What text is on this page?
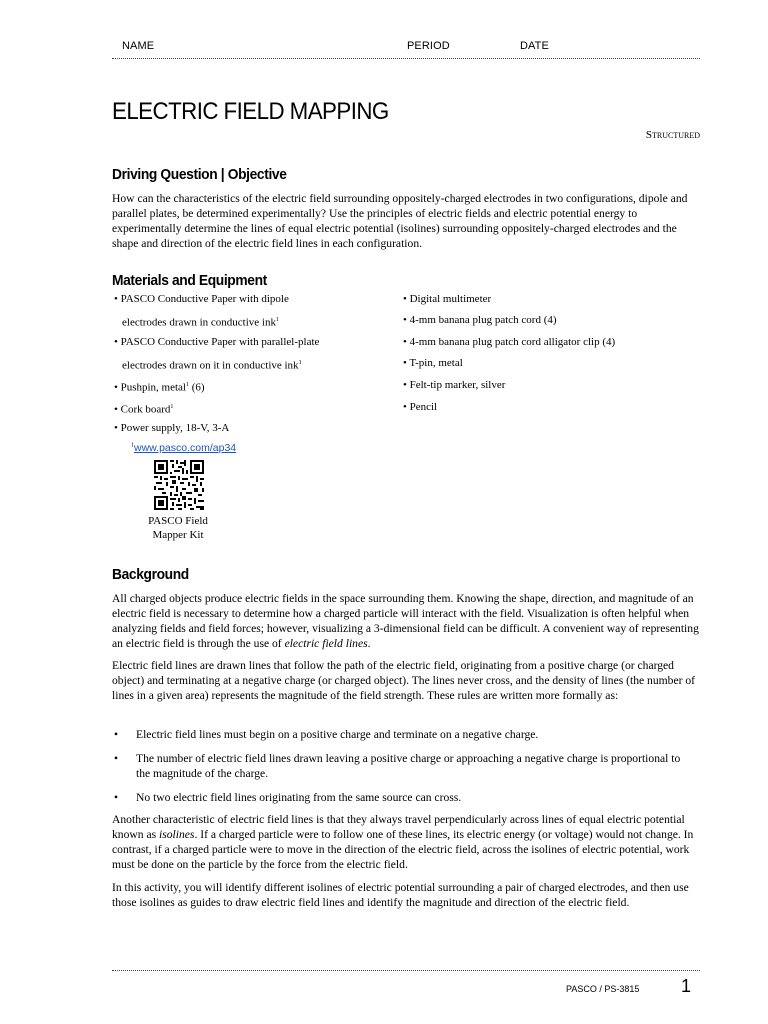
NAME	PERIOD	DATE
ELECTRIC FIELD MAPPING
Structured
Driving Question | Objective

How can the characteristics of the electric field surrounding oppositely-charged electrodes in two configurations, dipole and parallel plates, be determined experimentally? Use the principles of electric fields and electric potential energy to experimentally determine the lines of equal electric potential (isolines) surrounding oppositely-charged electrodes and the shape and direction of the electric field lines in each configuration.

Materials and Equipment

• PASCO Conductive Paper with dipole

electrodes drawn in conductive ink$^1$

• PASCO Conductive Paper with parallel-plate

electrodes drawn on it in conductive ink$^1$

• Pushpin, metal$^1$ (6)

• Cork board$^1$

• Power supply, 18-V, 3-A

• Digital multimeter

• 4-mm banana plug patch cord (4)

• 4-mm banana plug patch cord alligator clip (4)

• T-pin, metal

• Felt-tip marker, silver

• Pencil

$^1$www.pasco.com/ap34
PASCO Field
Mapper Kit
Background

All charged objects produce electric fields in the space surrounding them. Knowing the shape, direction, and magnitude of an electric field is necessary to determine how a charged particle will interact with the field. Visualization is often helpful when analyzing fields and field forces; however, visualizing a 3-dimensional field can be difficult. A convenient way of representing an electric field is through the use of electric field lines.

Electric field lines are drawn lines that follow the path of the electric field, originating from a positive charge (or charged object) and terminating at a negative charge (or charged object). The lines never cross, and the density of lines (the number of lines in a given area) represents the magnitude of the field strength. These rules are written more formally as:

• Electric field lines must begin on a positive charge and terminate on a negative charge.
• The number of electric field lines drawn leaving a positive charge or approaching a negative charge is proportional to the magnitude of the charge.
• No two electric field lines originating from the same source can cross.

Another characteristic of electric field lines is that they always travel perpendicularly across lines of equal electric potential known as isolines. If a charged particle were to follow one of these lines, its electric energy (or voltage) would not change. In contrast, if a charged particle were to move in the direction of the electric field, across the isolines of electric potential, work must be done on the particle by the force from the electric field.

In this activity, you will identify different isolines of electric potential surrounding a pair of charged electrodes, and then use those isolines as guides to draw electric field lines and identify the magnitude and direction of the electric field.

PASCO / PS-3815 1
